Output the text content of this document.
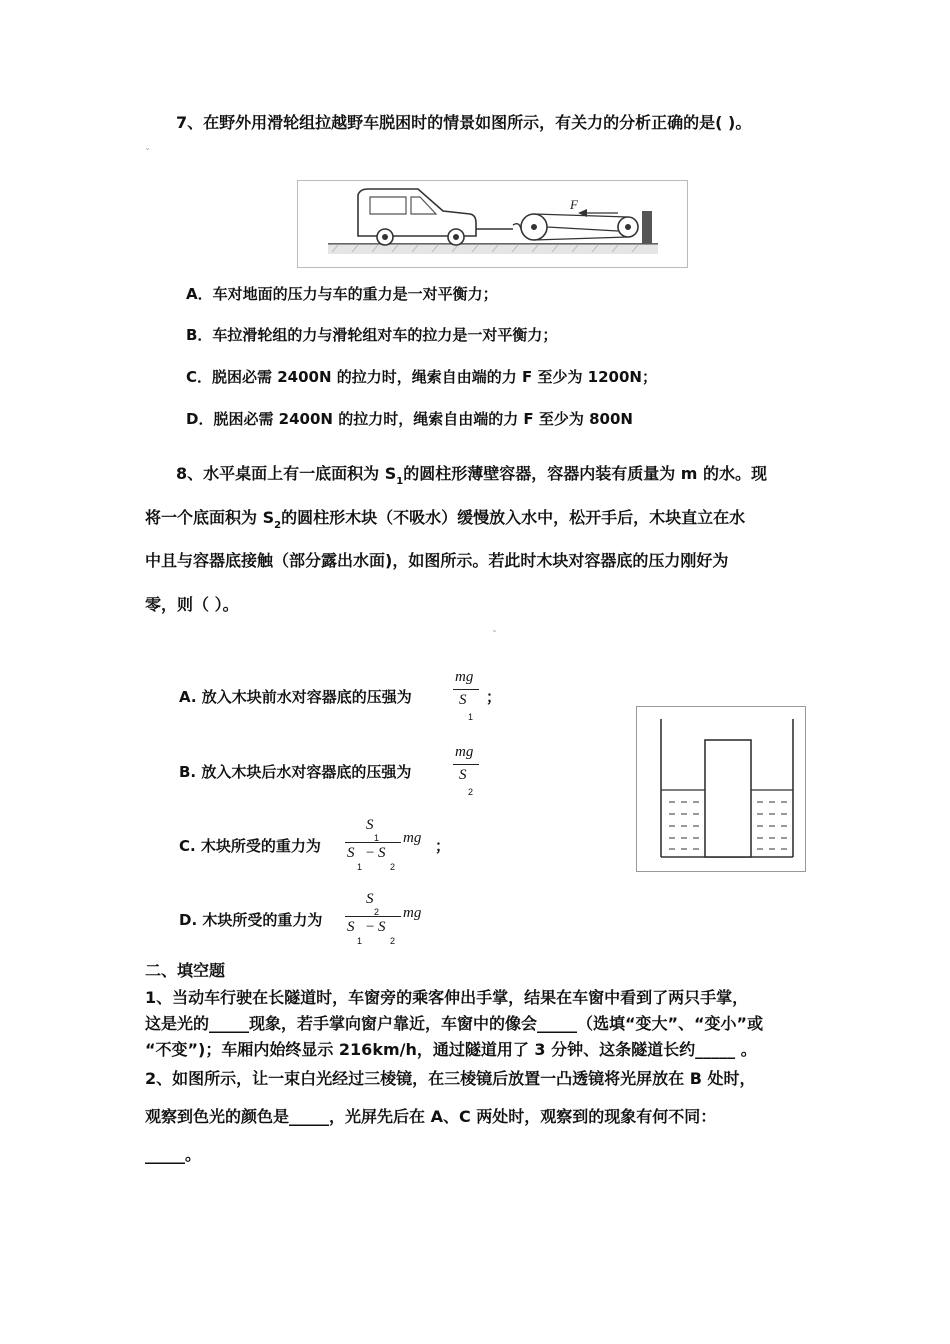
7、在野外用滑轮组拉越野车脱困时的情景如图所示，有关力的分析正确的是( )。
ˇ
F
A．车对地面的压力与车的重力是一对平衡力；
B．车拉滑轮组的力与滑轮组对车的拉力是一对平衡力；
C．脱困必需 2400N 的拉力时，绳索自由端的力 F 至少为 1200N；
D．脱困必需 2400N 的拉力时，绳索自由端的力 F 至少为 800N
8、水平桌面上有一底面积为 $S_1$的圆柱形薄壁容器，容器内装有质量为 m 的水。现
将一个底面积为 $S_2$的圆柱形木块（不吸水）缓慢放入水中，松开手后，木块直立在水
中且与容器底接触（部分露出水面)，如图所示。若此时木块对容器底的压力刚好为
零，则（ ）。
ˇ
A. 放入木块前水对容器底的压强为
mg
S
1
；
B. 放入木块后水对容器底的压强为
mg
S
2
C. 木块所受的重力为
S
1
S
1
− S
2
mg ；
D. 木块所受的重力为
S
2
S
1
− S
2
mg
二、填空题
1、当动车行驶在长隧道时，车窗旁的乘客伸出手掌，结果在车窗中看到了两只手掌，
这是光的_____现象，若手掌向窗户靠近，车窗中的像会_____（选填“变大”、“变小”或
“不变”)；车厢内始终显示 216km/h，通过隧道用了 3 分钟、这条隧道长约_____ 。
2、如图所示，让一束白光经过三棱镜，在三棱镜后放置一凸透镜将光屏放在 B 处时，
观察到色光的颜色是_____，光屏先后在 A、C 两处时，观察到的现象有何不同：
_____。
